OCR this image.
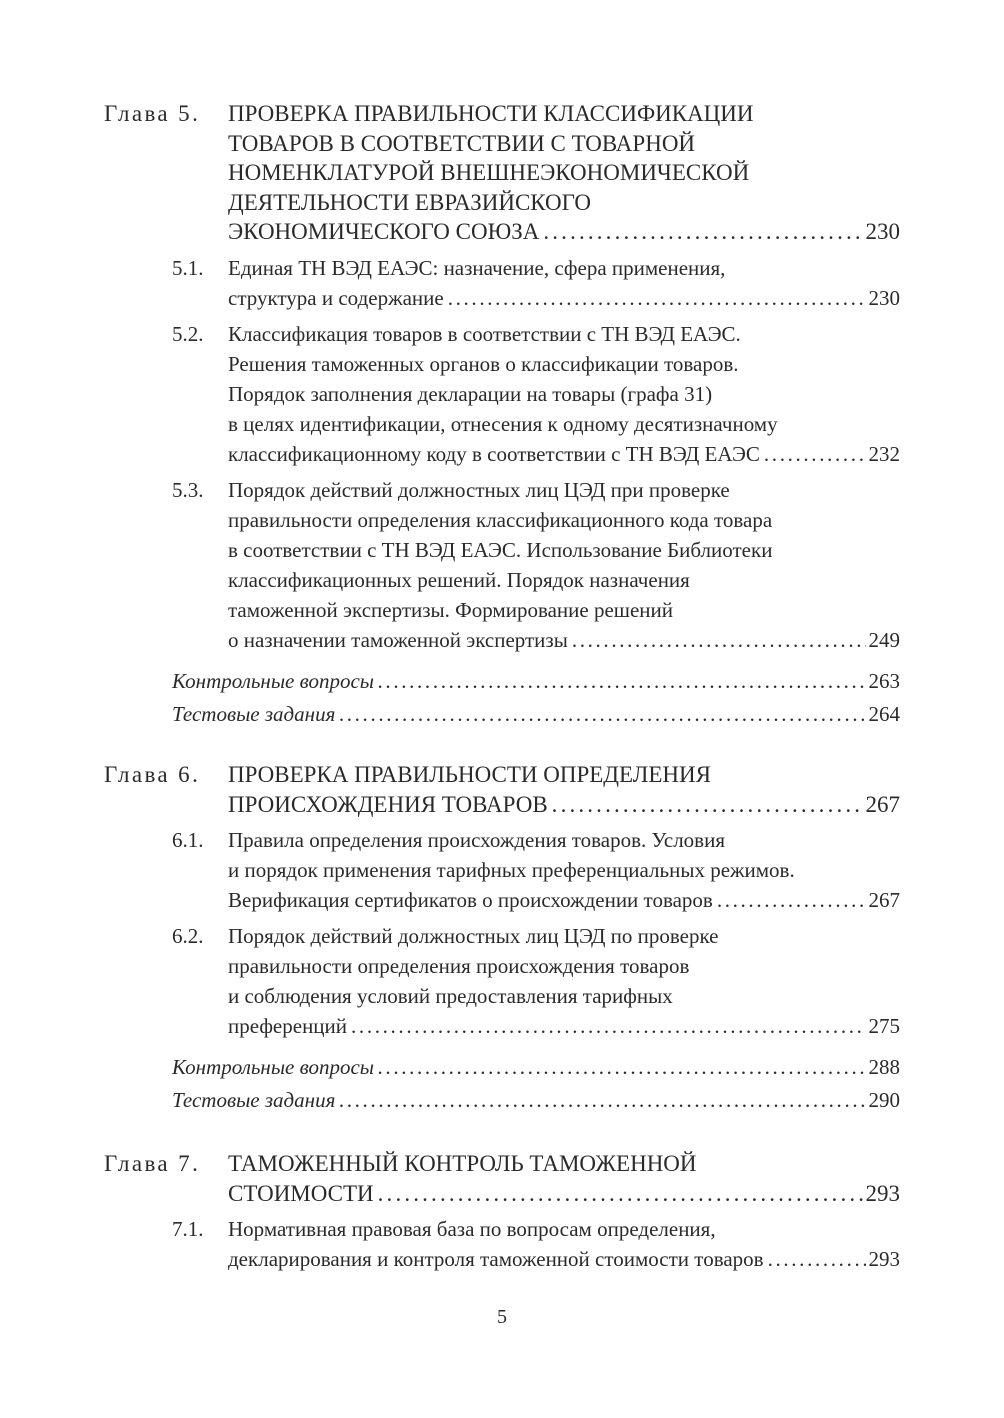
Глава 5.	ПРОВЕРКА ПРАВИЛЬНОСТИ КЛАССИФИКАЦИИ
ТОВАРОВ В СООТВЕТСТВИИ С ТОВАРНОЙ
НОМЕНКЛАТУРОЙ ВНЕШНЕЭКОНОМИЧЕСКОЙ
ДЕЯТЕЛЬНОСТИ ЕВРАЗИЙСКОГО
ЭКОНОМИЧЕСКОГО СОЮЗА . . .	230
5.1. Единая ТН ВЭД ЕАЭС: назначение, сфера применения,
структура и содержание . . .	230
5.2. Классификация товаров в соответствии с ТН ВЭД ЕАЭС.
Решения таможенных органов о классификации товаров.
Порядок заполнения декларации на товары (графа 31)
в целях идентификации, отнесения к одному десятизначному
классификационному коду в соответствии с ТН ВЭД ЕАЭС . . .	232
5.3. Порядок действий должностных лиц ЦЭД при проверке
правильности определения классификационного кода товара
в соответствии с ТН ВЭД ЕАЭС. Использование Библиотеки
классификационных решений. Порядок назначения
таможенной экспертизы. Формирование решений
о назначении таможенной экспертизы . . .	249
Контрольные вопросы . . .	263
Тестовые задания . . .	264
Глава 6.	ПРОВЕРКА ПРАВИЛЬНОСТИ ОПРЕДЕЛЕНИЯ
ПРОИСХОЖДЕНИЯ ТОВАРОВ . . .	267
6.1. Правила определения происхождения товаров. Условия
и порядок применения тарифных преференциальных режимов.
Верификация сертификатов о происхождении товаров . . .	267
6.2. Порядок действий должностных лиц ЦЭД по проверке
правильности определения происхождения товаров
и соблюдения условий предоставления тарифных
преференций . . .	275
Контрольные вопросы . . .	288
Тестовые задания . . .	290
Глава 7.	ТАМОЖЕННЫЙ КОНТРОЛЬ ТАМОЖЕННОЙ
СТОИМОСТИ . . .	293
7.1. Нормативная правовая база по вопросам определения,
декларирования и контроля таможенной стоимости товаров . . .	293
5
